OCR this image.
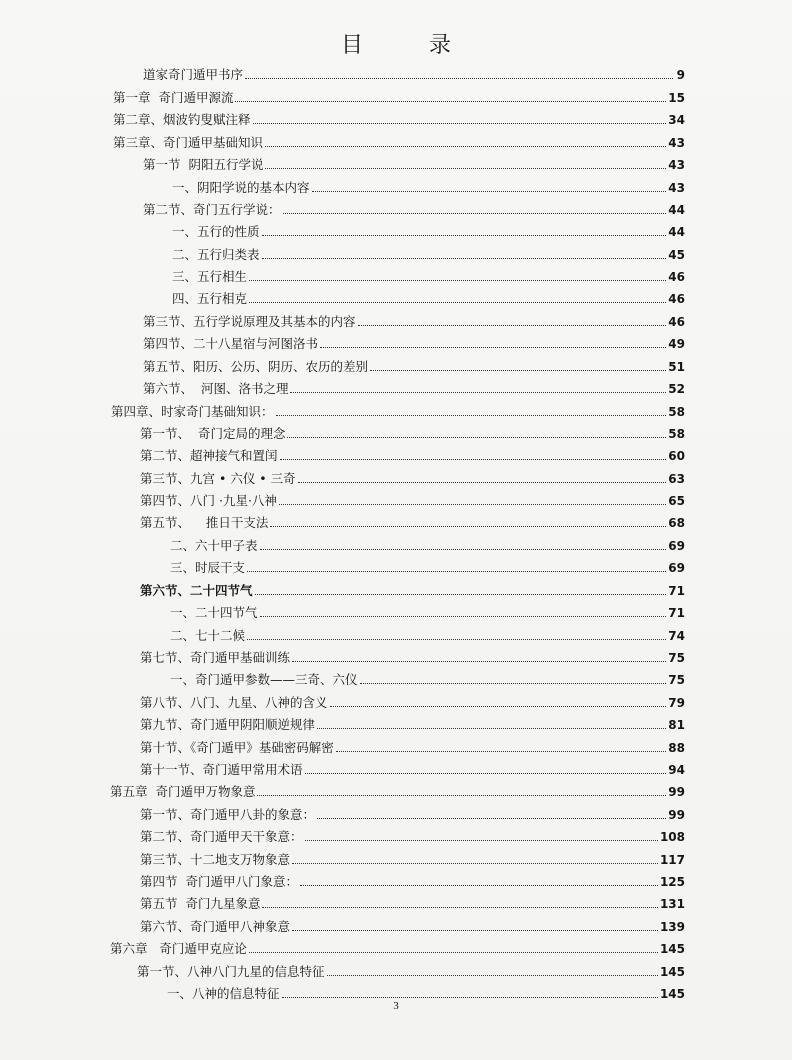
目	录
道家奇门遁甲书序	9
第一章  奇门遁甲源流	15
第二章、烟波钓叟赋注释	34
第三章、奇门遁甲基础知识	43
第一节  阴阳五行学说	43
一、阴阳学说的基本内容	43
第二节、奇门五行学说：	44
一、五行的性质	44
二、五行归类表	45
三、五行相生	46
四、五行相克	46
第三节、五行学说原理及其基本的内容	46
第四节、二十八星宿与河图洛书	49
第五节、阳历、公历、阴历、农历的差别	51
第六节、  河图、洛书之理	52
第四章、时家奇门基础知识：	58
第一节、  奇门定局的理念	58
第二节、超神接气和置闰	60
第三节、九宫 • 六仪 • 三奇	63
第四节、八门 ·九星·八神	65
第五节、    推日干支法	68
二、六十甲子表	69
三、时辰干支	69
第六节、二十四节气	71
一、二十四节气	71
二、七十二候	74
第七节、奇门遁甲基础训练	75
一、奇门遁甲参数——三奇、六仪	75
第八节、八门、九星、八神的含义	79
第九节、奇门遁甲阴阳顺逆规律	81
第十节、《奇门遁甲》基础密码解密	88
第十一节、奇门遁甲常用术语	94
第五章  奇门遁甲万物象意	99
第一节、奇门遁甲八卦的象意：	99
第二节、奇门遁甲天干象意：	108
第三节、十二地支万物象意	117
第四节  奇门遁甲八门象意：	125
第五节  奇门九星象意	131
第六节、奇门遁甲八神象意	139
第六章   奇门遁甲克应论	145
第一节、八神八门九星的信息特征	145
一、八神的信息特征	145
3
